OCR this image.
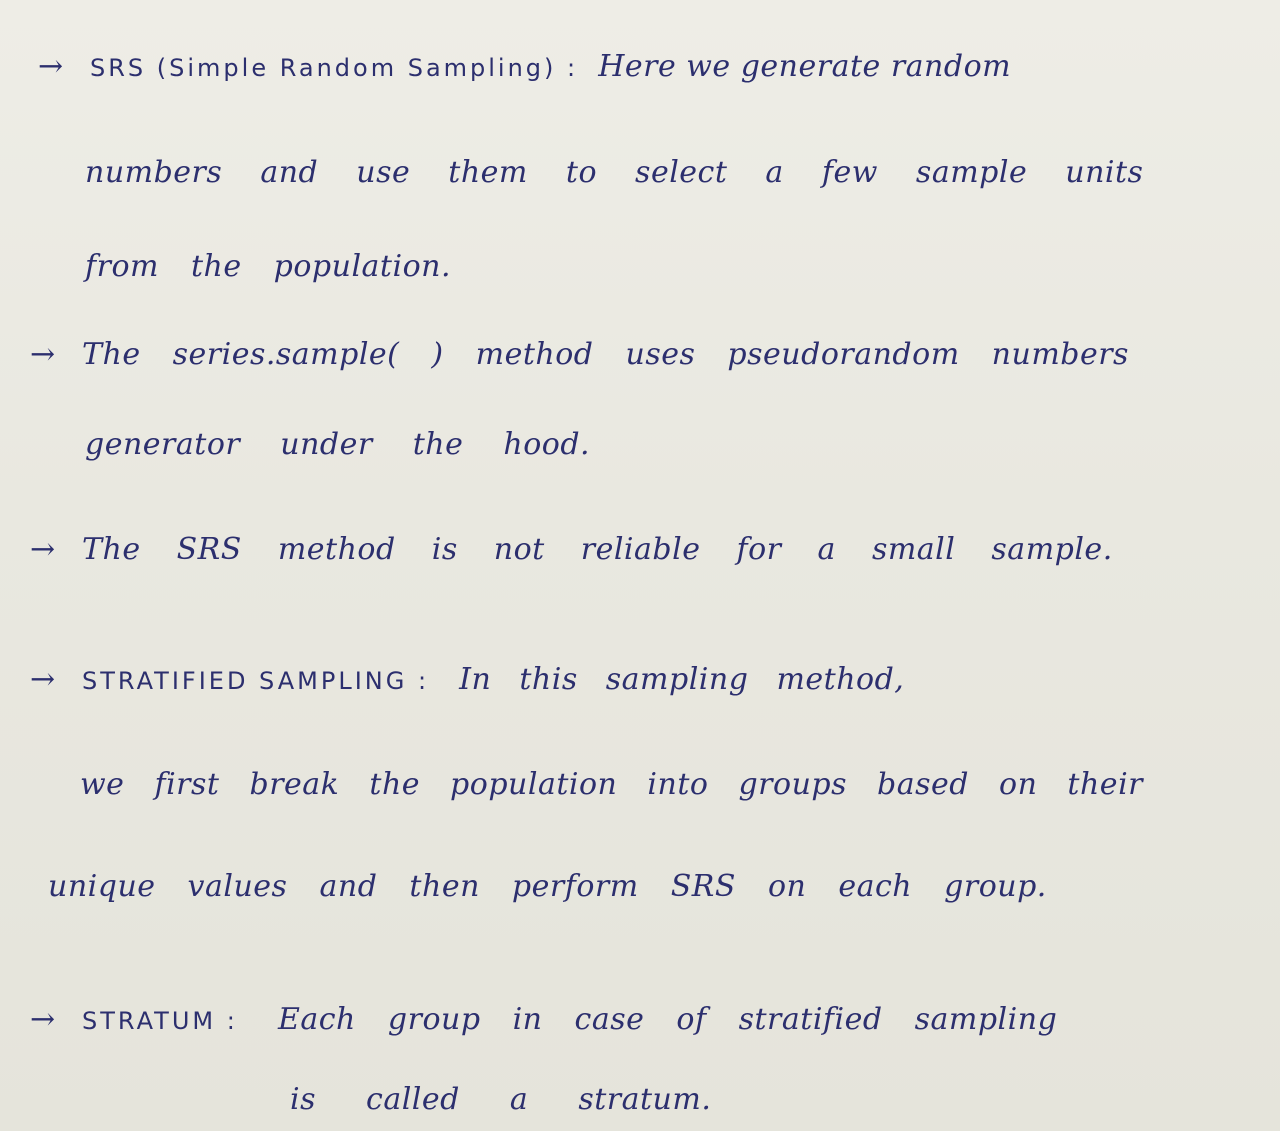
→ SRS (Simple Random Sampling) : Here we generate random
numbers and use them to select a few sample units
from the population.
→ The series.sample( ) method uses pseudorandom numbers
generator under the hood.
→ The SRS method is not reliable for a small sample.
→ STRATIFIED SAMPLING : In this sampling method,
we first break the population into groups based on their
unique values and then perform SRS on each group.
→ STRATUM : Each group in case of stratified sampling
is called a stratum.
